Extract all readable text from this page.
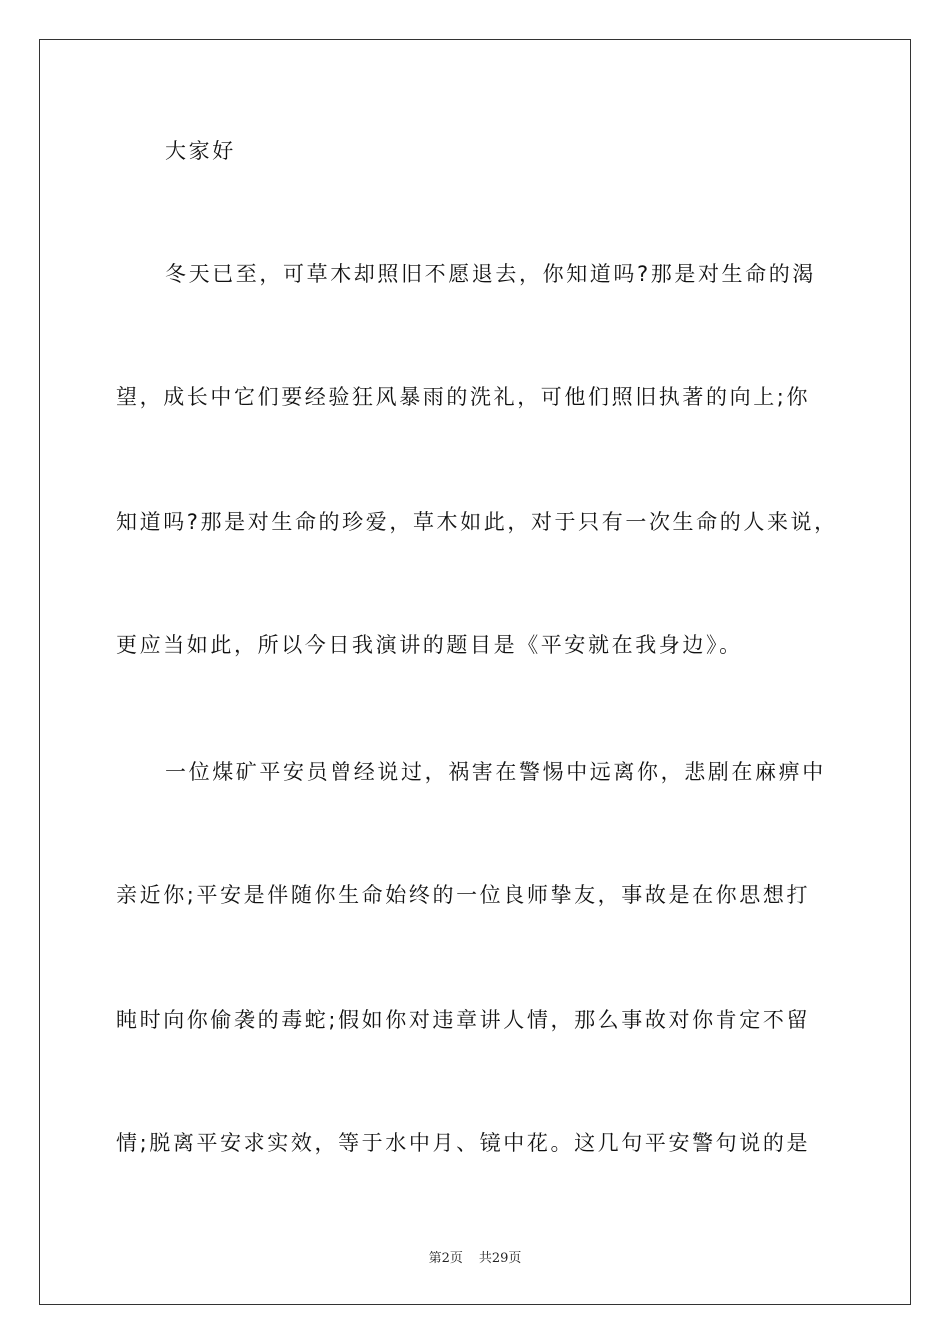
大家好
冬天已至，可草木却照旧不愿退去，你知道吗?那是对生命的渴
望，成长中它们要经验狂风暴雨的洗礼，可他们照旧执著的向上;你
知道吗?那是对生命的珍爱，草木如此，对于只有一次生命的人来说，
更应当如此，所以今日我演讲的题目是《平安就在我身边》。
一位煤矿平安员曾经说过，祸害在警惕中远离你，悲剧在麻痹中
亲近你;平安是伴随你生命始终的一位良师挚友，事故是在你思想打
盹时向你偷袭的毒蛇;假如你对违章讲人情，那么事故对你肯定不留
情;脱离平安求实效，等于水中月、镜中花。这几句平安警句说的是
第2页 共29页
